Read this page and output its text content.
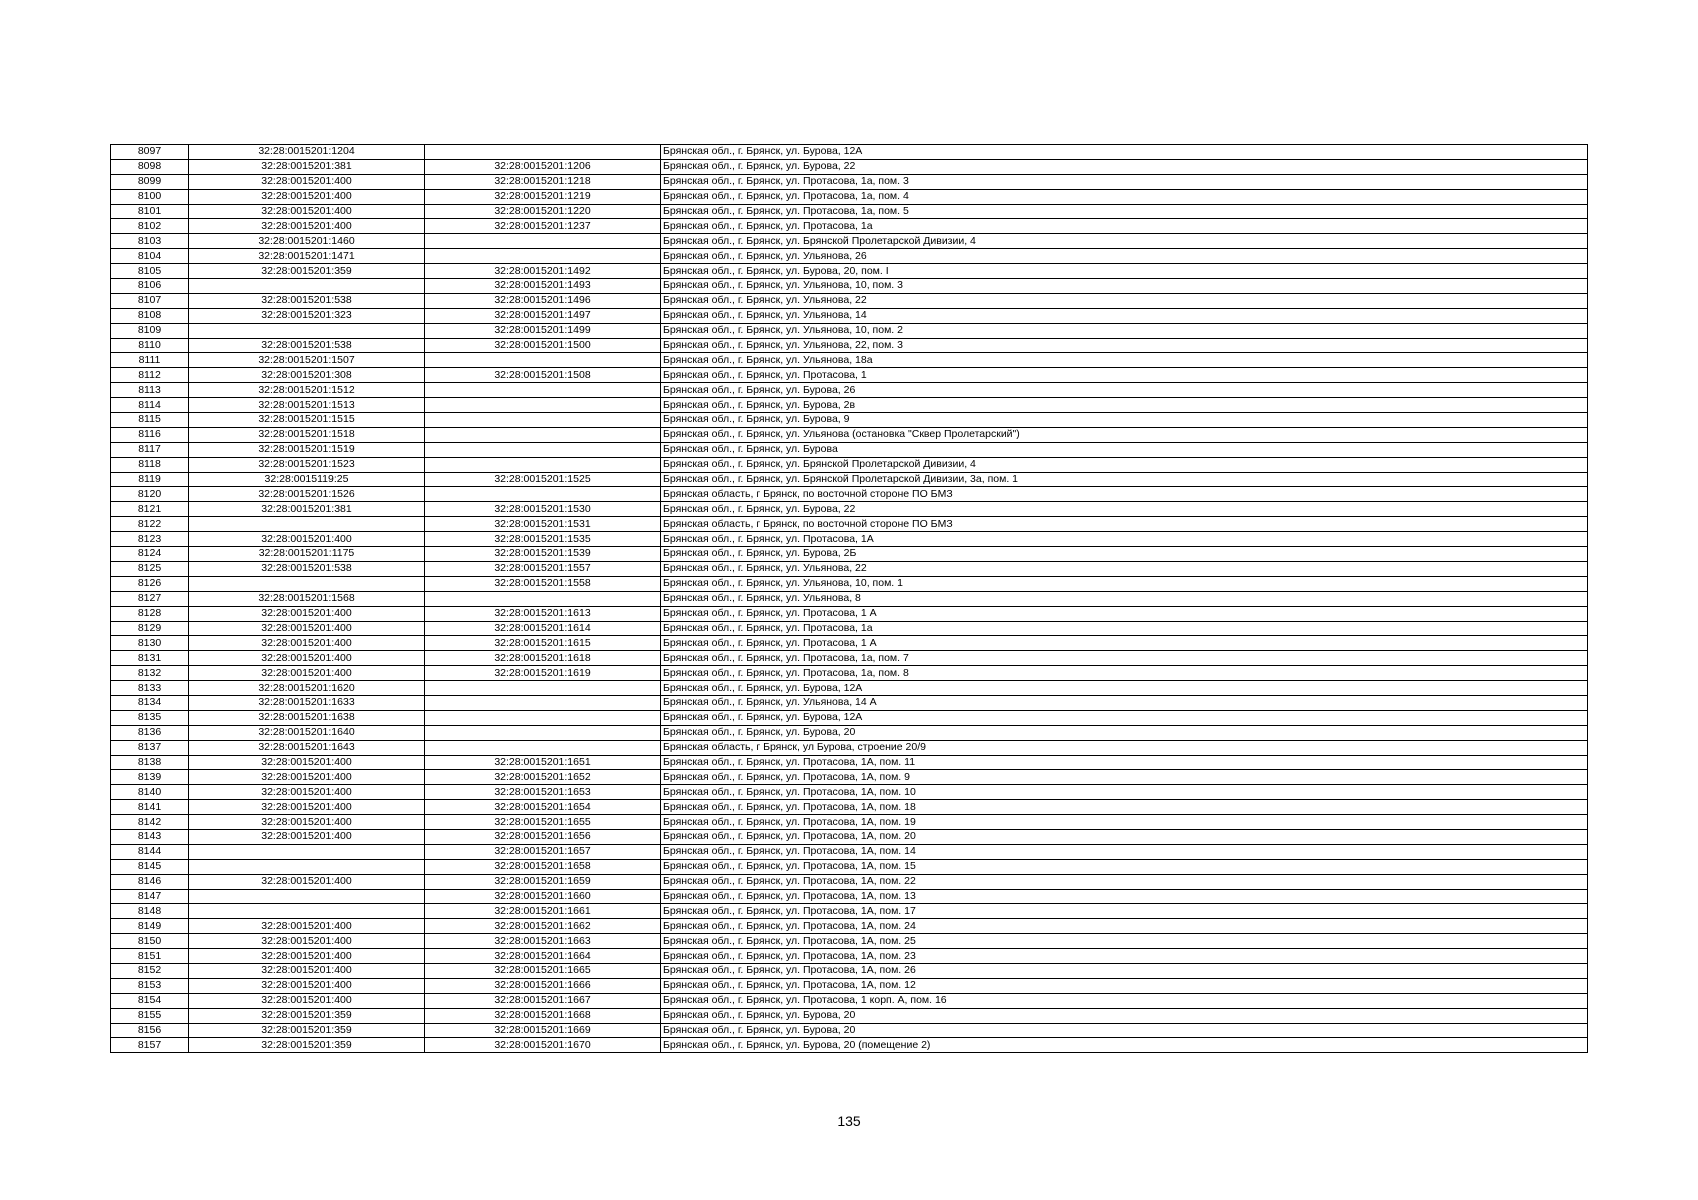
8097	32:28:0015201:1204		Брянская обл., г. Брянск, ул. Бурова, 12А
8098	32:28:0015201:381	32:28:0015201:1206	Брянская обл., г. Брянск, ул. Бурова, 22
8099	32:28:0015201:400	32:28:0015201:1218	Брянская обл., г. Брянск, ул. Протасова, 1а, пом. 3
8100	32:28:0015201:400	32:28:0015201:1219	Брянская обл., г. Брянск, ул. Протасова, 1а, пом. 4
8101	32:28:0015201:400	32:28:0015201:1220	Брянская обл., г. Брянск, ул. Протасова, 1а, пом. 5
8102	32:28:0015201:400	32:28:0015201:1237	Брянская обл., г. Брянск, ул. Протасова, 1а
8103	32:28:0015201:1460		Брянская обл., г. Брянск, ул. Брянской Пролетарской Дивизии, 4
8104	32:28:0015201:1471		Брянская обл., г. Брянск, ул. Ульянова, 26
8105	32:28:0015201:359	32:28:0015201:1492	Брянская обл., г. Брянск, ул. Бурова, 20, пом. I
8106		32:28:0015201:1493	Брянская обл., г. Брянск, ул. Ульянова, 10, пом. 3
8107	32:28:0015201:538	32:28:0015201:1496	Брянская обл., г. Брянск, ул. Ульянова, 22
8108	32:28:0015201:323	32:28:0015201:1497	Брянская обл., г. Брянск, ул. Ульянова, 14
8109		32:28:0015201:1499	Брянская обл., г. Брянск, ул. Ульянова, 10, пом. 2
8110	32:28:0015201:538	32:28:0015201:1500	Брянская обл., г. Брянск, ул. Ульянова, 22, пом. 3
8111	32:28:0015201:1507		Брянская обл., г. Брянск, ул. Ульянова, 18а
8112	32:28:0015201:308	32:28:0015201:1508	Брянская обл., г. Брянск, ул. Протасова, 1
8113	32:28:0015201:1512		Брянская обл., г. Брянск, ул. Бурова, 26
8114	32:28:0015201:1513		Брянская обл., г. Брянск, ул. Бурова, 2в
8115	32:28:0015201:1515		Брянская обл., г. Брянск, ул. Бурова, 9
8116	32:28:0015201:1518		Брянская обл., г. Брянск, ул. Ульянова (остановка "Сквер Пролетарский")
8117	32:28:0015201:1519		Брянская обл., г. Брянск, ул. Бурова
8118	32:28:0015201:1523		Брянская обл., г. Брянск, ул. Брянской Пролетарской Дивизии, 4
8119	32:28:0015119:25	32:28:0015201:1525	Брянская обл., г. Брянск, ул. Брянской Пролетарской Дивизии, 3а, пом. 1
8120	32:28:0015201:1526		Брянская область, г Брянск, по восточной стороне ПО БМЗ
8121	32:28:0015201:381	32:28:0015201:1530	Брянская обл., г. Брянск, ул. Бурова, 22
8122		32:28:0015201:1531	Брянская область, г Брянск, по восточной стороне ПО БМЗ
8123	32:28:0015201:400	32:28:0015201:1535	Брянская обл., г. Брянск, ул. Протасова, 1А
8124	32:28:0015201:1175	32:28:0015201:1539	Брянская обл., г. Брянск, ул. Бурова, 2Б
8125	32:28:0015201:538	32:28:0015201:1557	Брянская обл., г. Брянск, ул. Ульянова, 22
8126		32:28:0015201:1558	Брянская обл., г. Брянск, ул. Ульянова, 10, пом. 1
8127	32:28:0015201:1568		Брянская обл., г. Брянск, ул. Ульянова, 8
8128	32:28:0015201:400	32:28:0015201:1613	Брянская обл., г. Брянск, ул. Протасова, 1 А
8129	32:28:0015201:400	32:28:0015201:1614	Брянская обл., г. Брянск, ул. Протасова, 1а
8130	32:28:0015201:400	32:28:0015201:1615	Брянская обл., г. Брянск, ул. Протасова, 1 А
8131	32:28:0015201:400	32:28:0015201:1618	Брянская обл., г. Брянск, ул. Протасова, 1а, пом. 7
8132	32:28:0015201:400	32:28:0015201:1619	Брянская обл., г. Брянск, ул. Протасова, 1а, пом. 8
8133	32:28:0015201:1620		Брянская обл., г. Брянск, ул. Бурова, 12А
8134	32:28:0015201:1633		Брянская обл., г. Брянск, ул. Ульянова, 14 А
8135	32:28:0015201:1638		Брянская обл., г. Брянск, ул. Бурова, 12А
8136	32:28:0015201:1640		Брянская обл., г. Брянск, ул. Бурова, 20
8137	32:28:0015201:1643		Брянская область, г Брянск, ул Бурова, строение 20/9
8138	32:28:0015201:400	32:28:0015201:1651	Брянская обл., г. Брянск, ул. Протасова, 1А, пом. 11
8139	32:28:0015201:400	32:28:0015201:1652	Брянская обл., г. Брянск, ул. Протасова, 1А, пом. 9
8140	32:28:0015201:400	32:28:0015201:1653	Брянская обл., г. Брянск, ул. Протасова, 1А, пом. 10
8141	32:28:0015201:400	32:28:0015201:1654	Брянская обл., г. Брянск, ул. Протасова, 1А, пом. 18
8142	32:28:0015201:400	32:28:0015201:1655	Брянская обл., г. Брянск, ул. Протасова, 1А, пом. 19
8143	32:28:0015201:400	32:28:0015201:1656	Брянская обл., г. Брянск, ул. Протасова, 1А, пом. 20
8144		32:28:0015201:1657	Брянская обл., г. Брянск, ул. Протасова, 1А, пом. 14
8145		32:28:0015201:1658	Брянская обл., г. Брянск, ул. Протасова, 1А, пом. 15
8146	32:28:0015201:400	32:28:0015201:1659	Брянская обл., г. Брянск, ул. Протасова, 1А, пом. 22
8147		32:28:0015201:1660	Брянская обл., г. Брянск, ул. Протасова, 1А, пом. 13
8148		32:28:0015201:1661	Брянская обл., г. Брянск, ул. Протасова, 1А, пом. 17
8149	32:28:0015201:400	32:28:0015201:1662	Брянская обл., г. Брянск, ул. Протасова, 1А, пом. 24
8150	32:28:0015201:400	32:28:0015201:1663	Брянская обл., г. Брянск, ул. Протасова, 1А, пом. 25
8151	32:28:0015201:400	32:28:0015201:1664	Брянская обл., г. Брянск, ул. Протасова, 1А, пом. 23
8152	32:28:0015201:400	32:28:0015201:1665	Брянская обл., г. Брянск, ул. Протасова, 1А, пом. 26
8153	32:28:0015201:400	32:28:0015201:1666	Брянская обл., г. Брянск, ул. Протасова, 1А, пом. 12
8154	32:28:0015201:400	32:28:0015201:1667	Брянская обл., г. Брянск, ул. Протасова, 1 корп. А, пом. 16
8155	32:28:0015201:359	32:28:0015201:1668	Брянская обл., г. Брянск, ул. Бурова, 20
8156	32:28:0015201:359	32:28:0015201:1669	Брянская обл., г. Брянск, ул. Бурова, 20
8157	32:28:0015201:359	32:28:0015201:1670	Брянская обл., г. Брянск, ул. Бурова, 20 (помещение 2)
135
